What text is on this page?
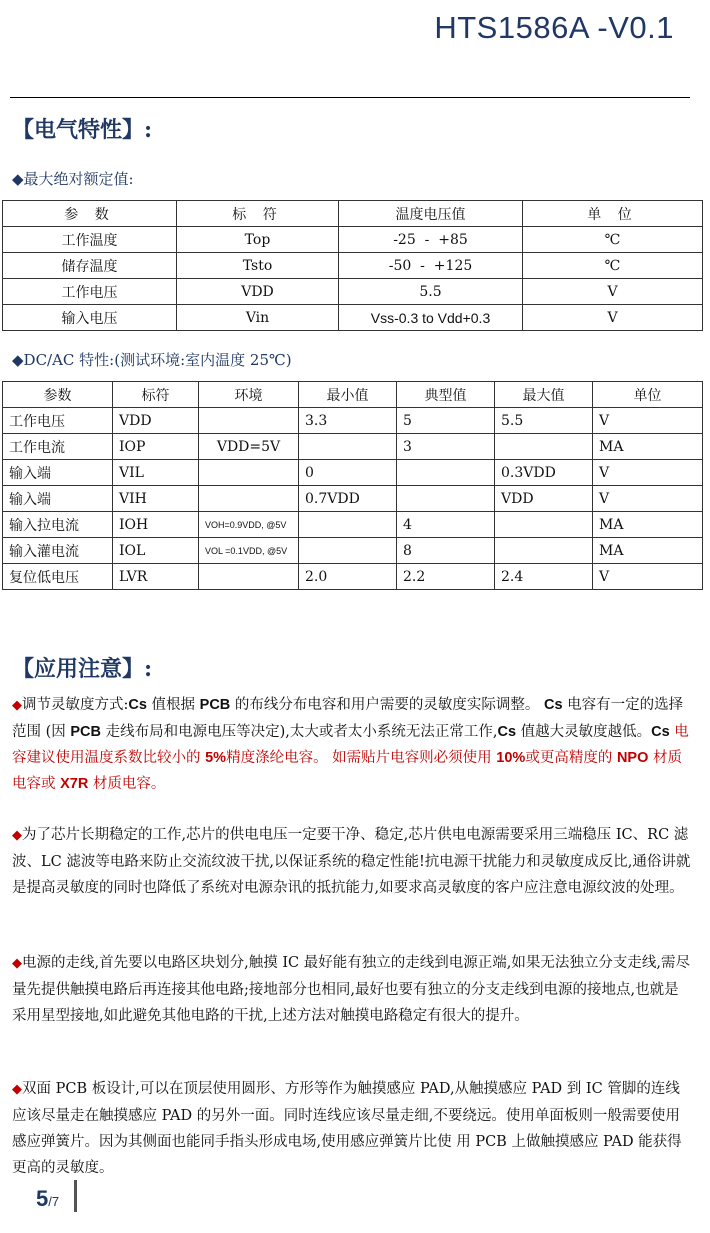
HTS1586A -V0.1
【电气特性】:
◆最大绝对额定值:
参 数	标 符	温度电压值	单 位
工作温度	Top	-25  -  +85	℃
储存温度	Tsto	-50  -  +125	℃
工作电压	VDD	5.5	V
输入电压	Vin	Vss-0.3 to Vdd+0.3	V
◆DC/AC 特性:(测试环境:室内温度 25℃)
参数	标符	环境	最小值	典型值	最大值	单位
工作电压	VDD		3.3	5	5.5	V
工作电流	IOP	VDD=5V		3		MA
输入端	VIL		0		0.3VDD	V
输入端	VIH		0.7VDD		VDD	V
输入拉电流	IOH	VOH=0.9VDD, @5V		4		MA
输入灌电流	IOL	VOL =0.1VDD, @5V		8		MA
复位低电压	LVR		2.0	2.2	2.4	V
【应用注意】:
◆调节灵敏度方式:Cs 值根据 PCB 的布线分布电容和用户需要的灵敏度实际调整。 Cs 电容有一定的选择范围 (因 PCB 走线布局和电源电压等决定),太大或者太小系统无法正常工作,Cs 值越大灵敏度越低。Cs 电容建议使用温度系数比较小的 5%精度涤纶电容。 如需贴片电容则必须使用 10%或更高精度的 NPO 材质电容或 X7R 材质电容。
◆为了芯片长期稳定的工作,芯片的供电电压一定要干净、稳定,芯片供电电源需要采用三端稳压 IC、RC 滤波、LC 滤波等电路来防止交流纹波干扰,以保证系统的稳定性能!抗电源干扰能力和灵敏度成反比,通俗讲就是提高灵敏度的同时也降低了系统对电源杂讯的抵抗能力,如要求高灵敏度的客户应注意电源纹波的处理。
◆电源的走线,首先要以电路区块划分,触摸 IC 最好能有独立的走线到电源正端,如果无法独立分支走线,需尽量先提供触摸电路后再连接其他电路;接地部分也相同,最好也要有独立的分支走线到电源的接地点,也就是采用星型接地,如此避免其他电路的干扰,上述方法对触摸电路稳定有很大的提升。
◆双面 PCB 板设计,可以在顶层使用圆形、方形等作为触摸感应 PAD,从触摸感应 PAD 到 IC 管脚的连线应该尽量走在触摸感应 PAD 的另外一面。同时连线应该尽量走细,不要绕远。使用单面板则一般需要使用感应弹簧片。因为其侧面也能同手指头形成电场,使用感应弹簧片比使 用 PCB 上做触摸感应 PAD 能获得更高的灵敏度。
5/7
